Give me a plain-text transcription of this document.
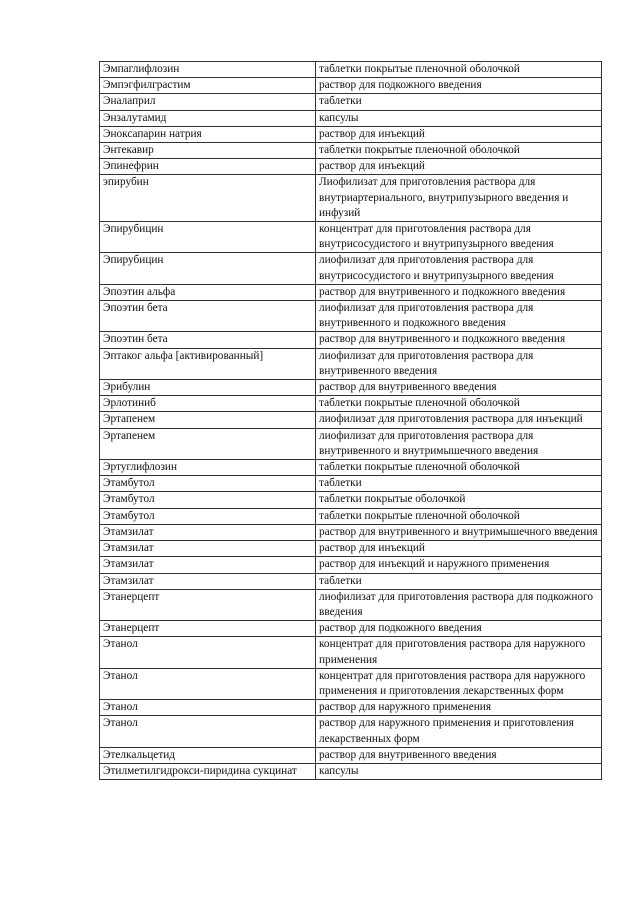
Эмпаглифлозин	таблетки покрытые пленочной оболочкой
Эмпэгфилграстим	раствор для подкожного введения
Эналаприл	таблетки
Энзалутамид	капсулы
Эноксапарин натрия	раствор для инъекций
Энтекавир	таблетки покрытые пленочной оболочкой
Эпинефрин	раствор для инъекций
эпирубин	Лиофилизат для приготовления раствора для внутриартериального, внутрипузырного введения и инфузий
Эпирубицин	концентрат для приготовления раствора для внутрисосудистого и внутрипузырного введения
Эпирубицин	лиофилизат для приготовления раствора для внутрисосудистого и внутрипузырного введения
Эпоэтин альфа	раствор для внутривенного и подкожного введения
Эпоэтин бета	лиофилизат для приготовления раствора для внутривенного и подкожного введения
Эпоэтин бета	раствор для внутривенного и подкожного введения
Эптаког альфа [активированный]	лиофилизат для приготовления раствора для внутривенного введения
Эрибулин	раствор для внутривенного введения
Эрлотиниб	таблетки покрытые пленочной оболочкой
Эртапенем	лиофилизат для приготовления раствора для инъекций
Эртапенем	лиофилизат для приготовления раствора для внутривенного и внутримышечного введения
Эртуглифлозин	таблетки покрытые пленочной оболочкой
Этамбутол	таблетки
Этамбутол	таблетки покрытые оболочкой
Этамбутол	таблетки покрытые пленочной оболочкой
Этамзилат	раствор для внутривенного и внутримышечного введения
Этамзилат	раствор для инъекций
Этамзилат	раствор для инъекций и наружного применения
Этамзилат	таблетки
Этанерцепт	лиофилизат для приготовления раствора для подкожного введения
Этанерцепт	раствор для подкожного введения
Этанол	концентрат для приготовления раствора для наружного применения
Этанол	концентрат для приготовления раствора для наружного применения и приготовления лекарственных форм
Этанол	раствор для наружного применения
Этанол	раствор для наружного применения и приготовления лекарственных форм
Этелкальцетид	раствор для внутривенного введения
Этилметилгидрокси-пиридина сукцинат	капсулы
